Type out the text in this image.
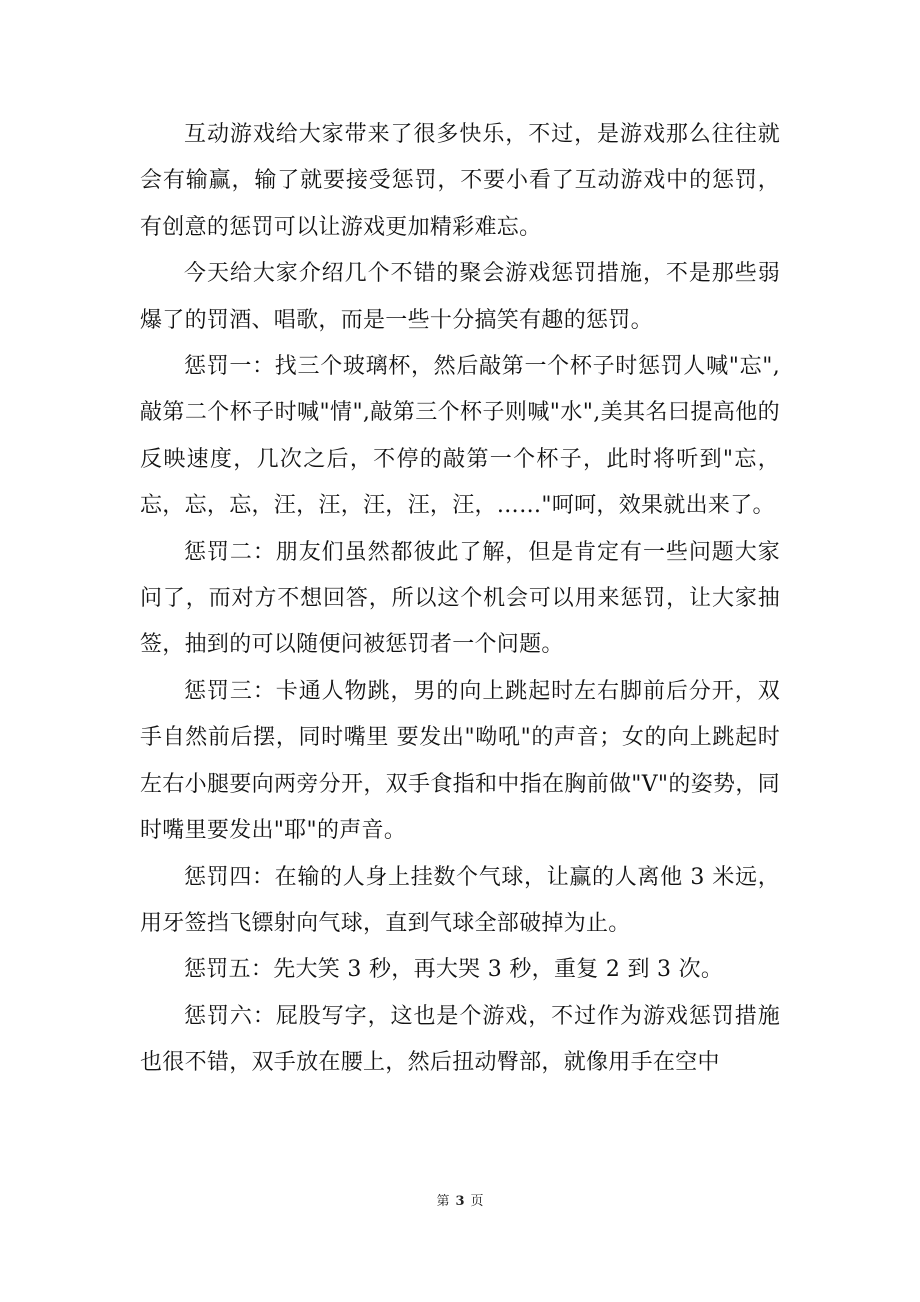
互动游戏给大家带来了很多快乐，不过，是游戏那么往往就会有输赢，输了就要接受惩罚，不要小看了互动游戏中的惩罚，有创意的惩罚可以让游戏更加精彩难忘。

今天给大家介绍几个不错的聚会游戏惩罚措施，不是那些弱爆了的罚酒、唱歌，而是一些十分搞笑有趣的惩罚。

惩罚一：找三个玻璃杯，然后敲第一个杯子时惩罚人喊"忘",敲第二个杯子时喊"情",敲第三个杯子则喊"水",美其名曰提高他的反映速度，几次之后，不停的敲第一个杯子，此时将听到"忘，忘，忘，忘，汪，汪，汪，汪，汪，……"呵呵，效果就出来了。

惩罚二：朋友们虽然都彼此了解，但是肯定有一些问题大家问了，而对方不想回答，所以这个机会可以用来惩罚，让大家抽签，抽到的可以随便问被惩罚者一个问题。

惩罚三：卡通人物跳，男的向上跳起时左右脚前后分开，双手自然前后摆，同时嘴里 要发出"呦吼"的声音；女的向上跳起时左右小腿要向两旁分开，双手食指和中指在胸前做"V"的姿势，同时嘴里要发出"耶"的声音。

惩罚四：在输的人身上挂数个气球，让赢的人离他 3 米远，用牙签挡飞镖射向气球，直到气球全部破掉为止。

惩罚五：先大笑 3 秒，再大哭 3 秒，重复 2 到 3 次。

惩罚六：屁股写字，这也是个游戏，不过作为游戏惩罚措施也很不错，双手放在腰上，然后扭动臀部，就像用手在空中

第 3 页
